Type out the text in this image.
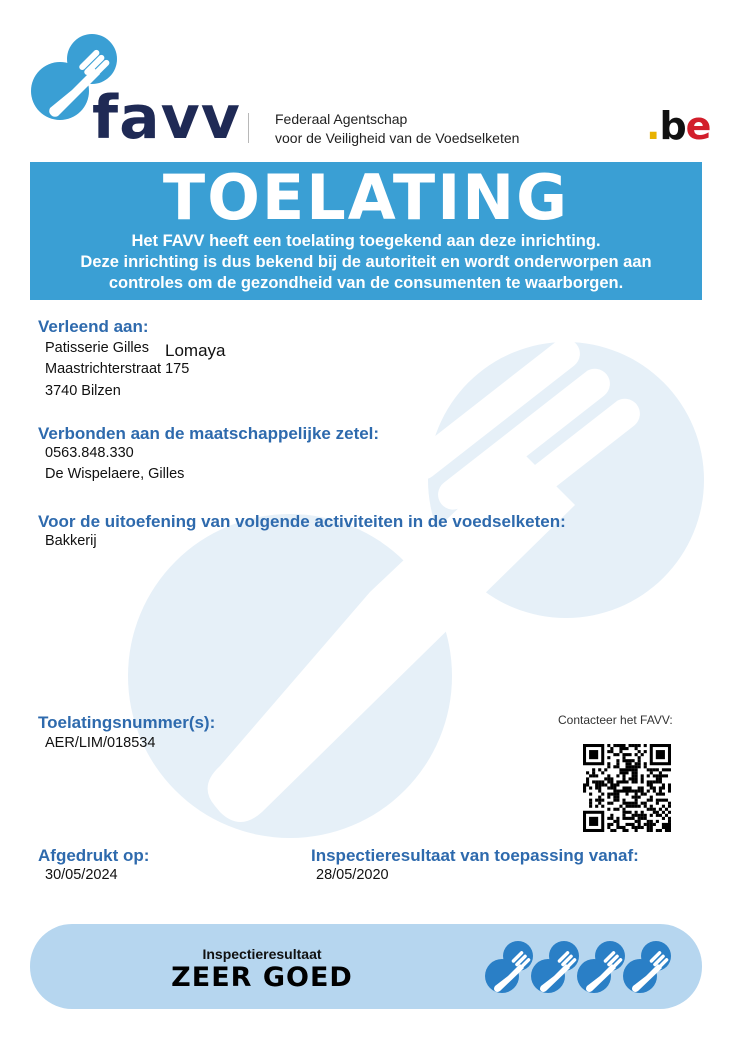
favv Federaal Agentschap
voor de Veiligheid van de Voedselketen	.be
TOELATING
Het FAVV heeft een toelating toegekend aan deze inrichting.
Deze inrichting is dus bekend bij de autoriteit en wordt onderworpen aan
controles om de gezondheid van de consumenten te waarborgen.
Verleend aan:
Patisserie Gilles Lomaya
Maastrichterstraat 175
3740 Bilzen
Verbonden aan de maatschappelijke zetel:
0563.848.330
De Wispelaere, Gilles
Voor de uitoefening van volgende activiteiten in de voedselketen:
Bakkerij
Toelatingsnummer(s):
AER/LIM/018534
Contacteer het FAVV:
Afgedrukt op:
30/05/2024
Inspectieresultaat van toepassing vanaf:
28/05/2020
Inspectieresultaat
ZEER GOED
